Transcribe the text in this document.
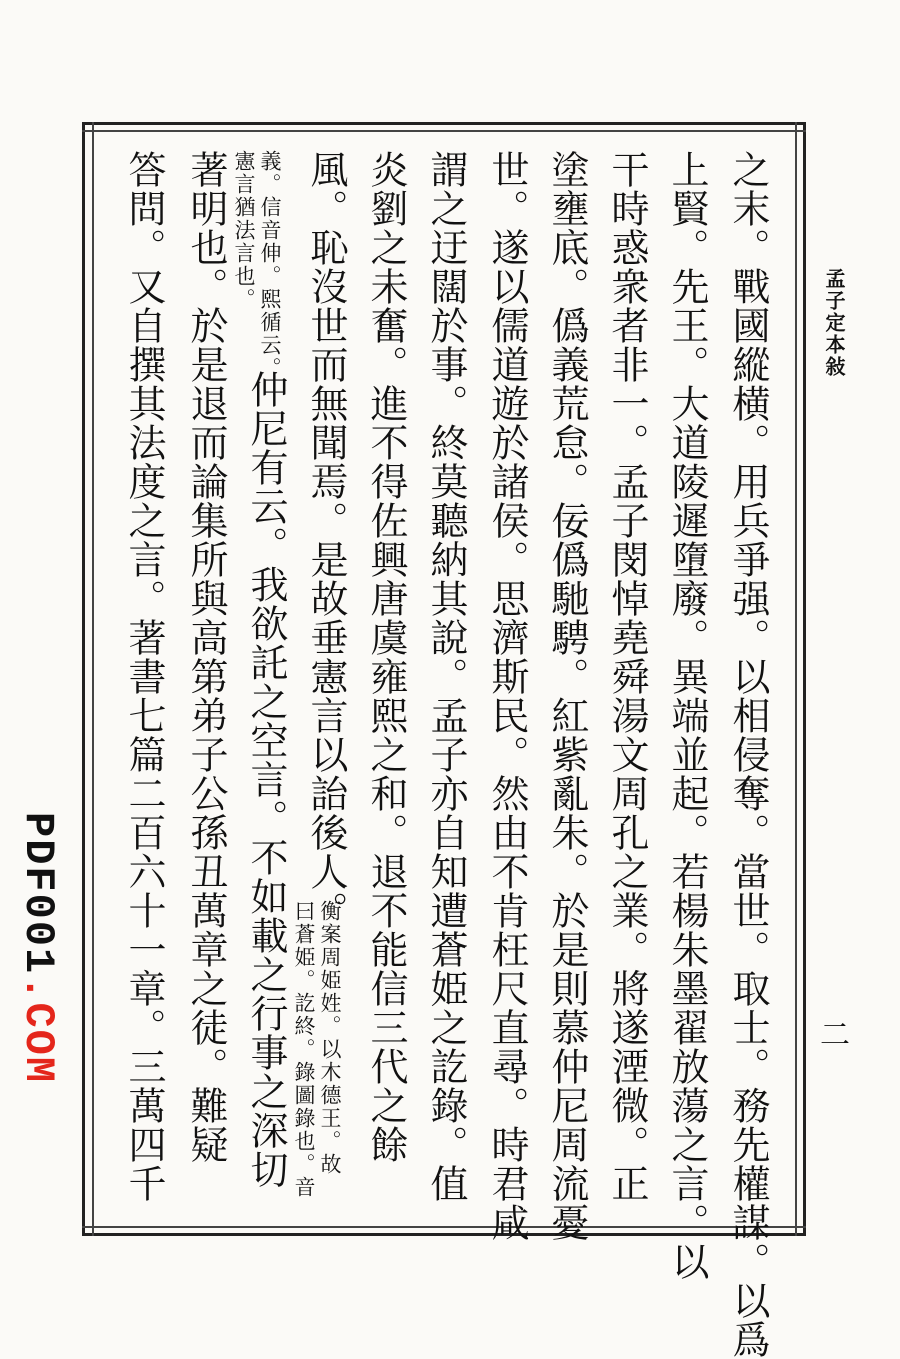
孟子定本敍
二
PDF001.COM	之末。戰國縱横。用兵爭强。以相侵奪。當世。取士。務先權謀。以爲
上賢。先王。大道陵遲墮廢。異端並起。若楊朱墨翟放蕩之言。以
干時惑衆者非一。孟子閔悼堯舜湯文周孔之業。將遂湮微。正
塗壅底。僞義荒怠。佞僞馳騁。紅紫亂朱。於是則慕仲尼周流憂
世。遂以儒道遊於諸侯。思濟斯民。然由不肯枉尺直尋。時君咸
謂之迂闊於事。終莫聽納其說。孟子亦自知遭蒼姫之訖錄。值
炎劉之未奮。進不得佐興唐虞雍熙之和。退不能信三代之餘
風。恥沒世而無聞焉。是故垂憲言以詒後人。
衡案周姫姓。以木德王。故
曰蒼姫。訖終。錄圖錄也。音
義。信音伸。熙循云。
憲言猶法言也。
仲尼有云。我欲託之空言。不如載之行事之深切
著明也。於是退而論集所與高第弟子公孫丑萬章之徒。難疑
答問。又自撰其法度之言。著書七篇二百六十一章。三萬四千
